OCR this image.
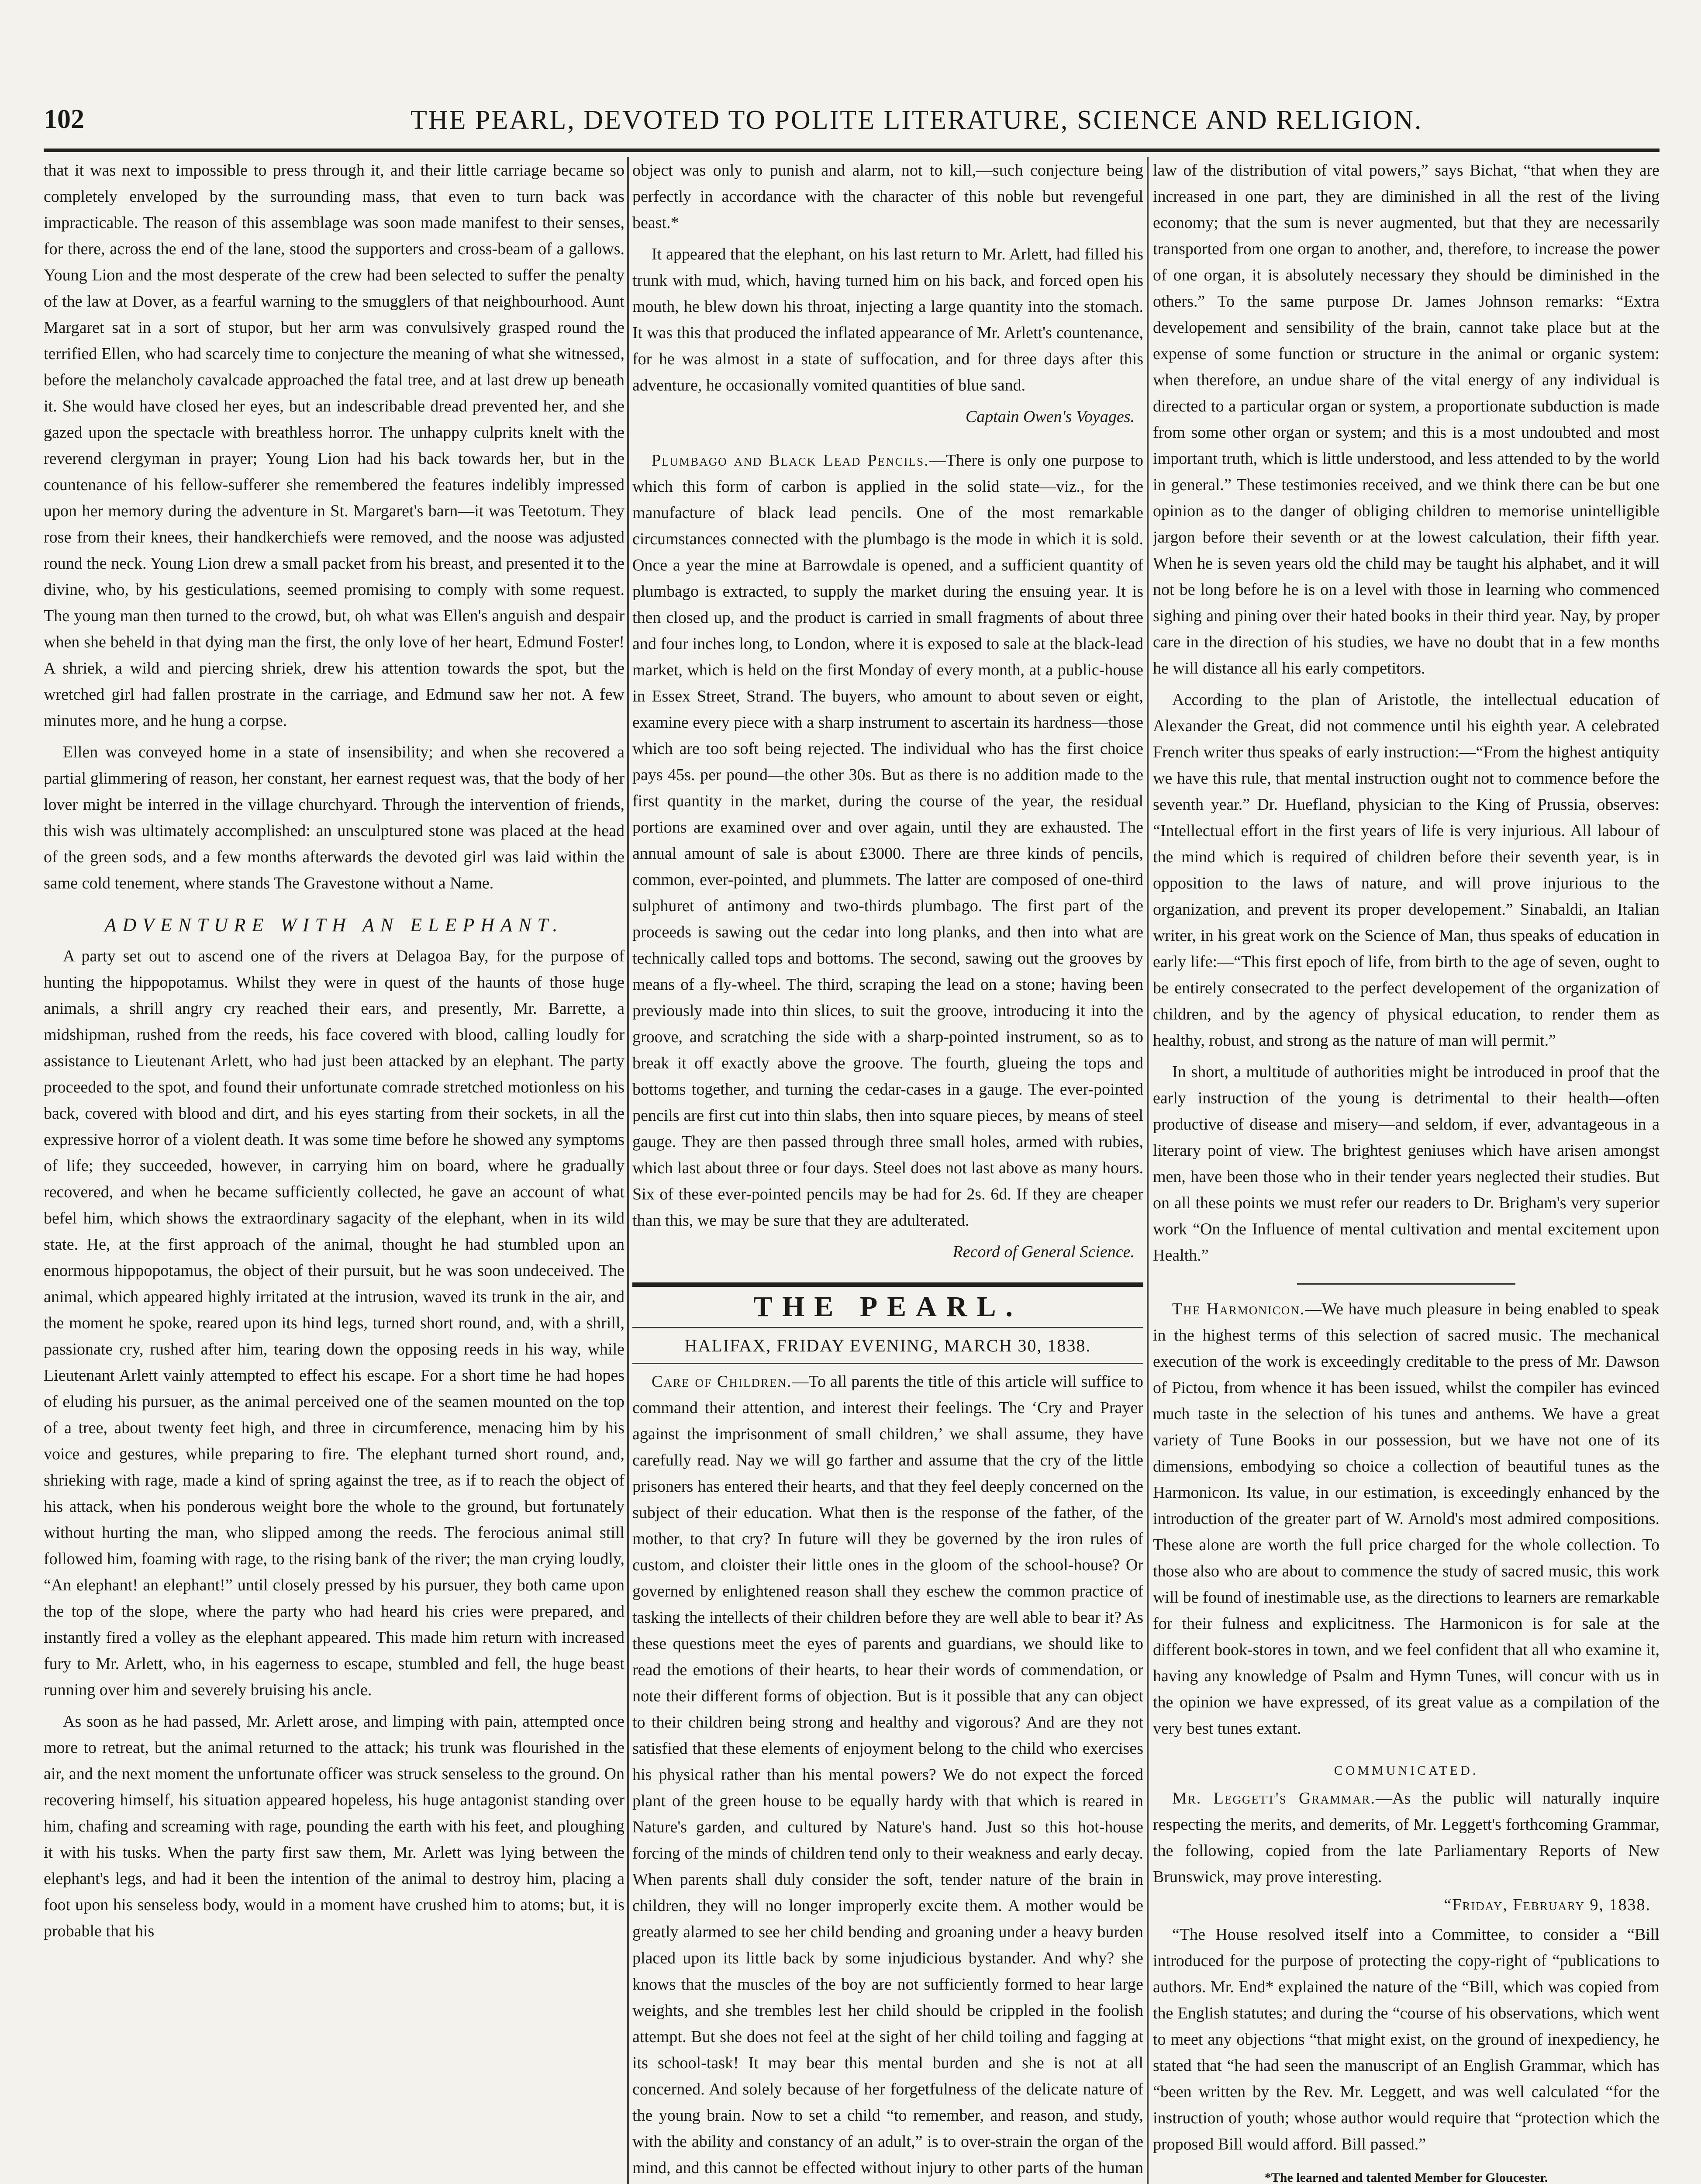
102	THE PEARL, DEVOTED TO POLITE LITERATURE, SCIENCE AND RELIGION.

that it was next to impossible to press through it, and their little carriage became so completely enveloped by the surrounding mass, that even to turn back was impracticable. The reason of this assemblage was soon made manifest to their senses, for there, across the end of the lane, stood the supporters and cross-beam of a gallows. Young Lion and the most desperate of the crew had been selected to suffer the penalty of the law at Dover, as a fearful warning to the smugglers of that neighbourhood. Aunt Margaret sat in a sort of stupor, but her arm was convulsively grasped round the terrified Ellen, who had scarcely time to conjecture the meaning of what she witnessed, before the melancholy cavalcade approached the fatal tree, and at last drew up beneath it. She would have closed her eyes, but an indescribable dread prevented her, and she gazed upon the spectacle with breathless horror. The unhappy culprits knelt with the reverend clergyman in prayer; Young Lion had his back towards her, but in the countenance of his fellow-sufferer she remembered the features indelibly impressed upon her memory during the adventure in St. Margaret's barn—it was Teetotum. They rose from their knees, their handkerchiefs were removed, and the noose was adjusted round the neck. Young Lion drew a small packet from his breast, and presented it to the divine, who, by his gesticulations, seemed promising to comply with some request. The young man then turned to the crowd, but, oh what was Ellen's anguish and despair when she beheld in that dying man the first, the only love of her heart, Edmund Foster! A shriek, a wild and piercing shriek, drew his attention towards the spot, but the wretched girl had fallen prostrate in the carriage, and Edmund saw her not. A few minutes more, and he hung a corpse.

Ellen was conveyed home in a state of insensibility; and when she recovered a partial glimmering of reason, her constant, her earnest request was, that the body of her lover might be interred in the village churchyard. Through the intervention of friends, this wish was ultimately accomplished: an unsculptured stone was placed at the head of the green sods, and a few months afterwards the devoted girl was laid within the same cold tenement, where stands The Gravestone without a Name.

ADVENTURE WITH AN ELEPHANT.

A party set out to ascend one of the rivers at Delagoa Bay, for the purpose of hunting the hippopotamus. Whilst they were in quest of the haunts of those huge animals, a shrill angry cry reached their ears, and presently, Mr. Barrette, a midshipman, rushed from the reeds, his face covered with blood, calling loudly for assistance to Lieutenant Arlett, who had just been attacked by an elephant. The party proceeded to the spot, and found their unfortunate comrade stretched motionless on his back, covered with blood and dirt, and his eyes starting from their sockets, in all the expressive horror of a violent death. It was some time before he showed any symptoms of life; they succeeded, however, in carrying him on board, where he gradually recovered, and when he became sufficiently collected, he gave an account of what befel him, which shows the extraordinary sagacity of the elephant, when in its wild state. He, at the first approach of the animal, thought he had stumbled upon an enormous hippopotamus, the object of their pursuit, but he was soon undeceived. The animal, which appeared highly irritated at the intrusion, waved its trunk in the air, and the moment he spoke, reared upon its hind legs, turned short round, and, with a shrill, passionate cry, rushed after him, tearing down the opposing reeds in his way, while Lieutenant Arlett vainly attempted to effect his escape. For a short time he had hopes of eluding his pursuer, as the animal perceived one of the seamen mounted on the top of a tree, about twenty feet high, and three in circumference, menacing him by his voice and gestures, while preparing to fire. The elephant turned short round, and, shrieking with rage, made a kind of spring against the tree, as if to reach the object of his attack, when his ponderous weight bore the whole to the ground, but fortunately without hurting the man, who slipped among the reeds. The ferocious animal still followed him, foaming with rage, to the rising bank of the river; the man crying loudly, “An elephant! an elephant!” until closely pressed by his pursuer, they both came upon the top of the slope, where the party who had heard his cries were prepared, and instantly fired a volley as the elephant appeared. This made him return with increased fury to Mr. Arlett, who, in his eagerness to escape, stumbled and fell, the huge beast running over him and severely bruising his ancle.

As soon as he had passed, Mr. Arlett arose, and limping with pain, attempted once more to retreat, but the animal returned to the attack; his trunk was flourished in the air, and the next moment the unfortunate officer was struck senseless to the ground. On recovering himself, his situation appeared hopeless, his huge antagonist standing over him, chafing and screaming with rage, pounding the earth with his feet, and ploughing it with his tusks. When the party first saw them, Mr. Arlett was lying between the elephant's legs, and had it been the intention of the animal to destroy him, placing a foot upon his senseless body, would in a moment have crushed him to atoms; but, it is probable that his

object was only to punish and alarm, not to kill,—such conjecture being perfectly in accordance with the character of this noble but revengeful beast.*

It appeared that the elephant, on his last return to Mr. Arlett, had filled his trunk with mud, which, having turned him on his back, and forced open his mouth, he blew down his throat, injecting a large quantity into the stomach. It was this that produced the inflated appearance of Mr. Arlett's countenance, for he was almost in a state of suffocation, and for three days after this adventure, he occasionally vomited quantities of blue sand.

Captain Owen's Voyages.

Plumbago and Black Lead Pencils.—There is only one purpose to which this form of carbon is applied in the solid state—viz., for the manufacture of black lead pencils. One of the most remarkable circumstances connected with the plumbago is the mode in which it is sold. Once a year the mine at Barrowdale is opened, and a sufficient quantity of plumbago is extracted, to supply the market during the ensuing year. It is then closed up, and the product is carried in small fragments of about three and four inches long, to London, where it is exposed to sale at the black-lead market, which is held on the first Monday of every month, at a public-house in Essex Street, Strand. The buyers, who amount to about seven or eight, examine every piece with a sharp instrument to ascertain its hardness—those which are too soft being rejected. The individual who has the first choice pays 45s. per pound—the other 30s. But as there is no addition made to the first quantity in the market, during the course of the year, the residual portions are examined over and over again, until they are exhausted. The annual amount of sale is about £3000. There are three kinds of pencils, common, ever-pointed, and plummets. The latter are composed of one-third sulphuret of antimony and two-thirds plumbago. The first part of the proceeds is sawing out the cedar into long planks, and then into what are technically called tops and bottoms. The second, sawing out the grooves by means of a fly-wheel. The third, scraping the lead on a stone; having been previously made into thin slices, to suit the groove, introducing it into the groove, and scratching the side with a sharp-pointed instrument, so as to break it off exactly above the groove. The fourth, glueing the tops and bottoms together, and turning the cedar-cases in a gauge. The ever-pointed pencils are first cut into thin slabs, then into square pieces, by means of steel gauge. They are then passed through three small holes, armed with rubies, which last about three or four days. Steel does not last above as many hours. Six of these ever-pointed pencils may be had for 2s. 6d. If they are cheaper than this, we may be sure that they are adulterated.

Record of General Science.

THE PEARL.
HALIFAX, FRIDAY EVENING, MARCH 30, 1838.

Care of Children.—To all parents the title of this article will suffice to command their attention, and interest their feelings. The ‘Cry and Prayer against the imprisonment of small children,’ we shall assume, they have carefully read. Nay we will go farther and assume that the cry of the little prisoners has entered their hearts, and that they feel deeply concerned on the subject of their education. What then is the response of the father, of the mother, to that cry? In future will they be governed by the iron rules of custom, and cloister their little ones in the gloom of the school-house? Or governed by enlightened reason shall they eschew the common practice of tasking the intellects of their children before they are well able to bear it? As these questions meet the eyes of parents and guardians, we should like to read the emotions of their hearts, to hear their words of commendation, or note their different forms of objection. But is it possible that any can object to their children being strong and healthy and vigorous? And are they not satisfied that these elements of enjoyment belong to the child who exercises his physical rather than his mental powers? We do not expect the forced plant of the green house to be equally hardy with that which is reared in Nature's garden, and cultured by Nature's hand. Just so this hot-house forcing of the minds of children tend only to their weakness and early decay. When parents shall duly consider the soft, tender nature of the brain in children, they will no longer improperly excite them. A mother would be greatly alarmed to see her child bending and groaning under a heavy burden placed upon its little back by some injudicious bystander. And why? she knows that the muscles of the boy are not sufficiently formed to hear large weights, and she trembles lest her child should be crippled in the foolish attempt. But she does not feel at the sight of her child toiling and fagging at its school-task! It may bear this mental burden and she is not at all concerned. And solely because of her forgetfulness of the delicate nature of the young brain. Now to set a child “to remember, and reason, and study, with the ability and constancy of an adult,” is to over-strain the organ of the mind, and this cannot be effected without injury to other parts of the human

law of the distribution of vital powers,” says Bichat, “that when they are increased in one part, they are diminished in all the rest of the living economy; that the sum is never augmented, but that they are necessarily transported from one organ to another, and, therefore, to increase the power of one organ, it is absolutely necessary they should be diminished in the others.” To the same purpose Dr. James Johnson remarks: “Extra developement and sensibility of the brain, cannot take place but at the expense of some function or structure in the animal or organic system: when therefore, an undue share of the vital energy of any individual is directed to a particular organ or system, a proportionate subduction is made from some other organ or system; and this is a most undoubted and most important truth, which is little understood, and less attended to by the world in general.” These testimonies received, and we think there can be but one opinion as to the danger of obliging children to memorise unintelligible jargon before their seventh or at the lowest calculation, their fifth year. When he is seven years old the child may be taught his alphabet, and it will not be long before he is on a level with those in learning who commenced sighing and pining over their hated books in their third year. Nay, by proper care in the direction of his studies, we have no doubt that in a few months he will distance all his early competitors.

According to the plan of Aristotle, the intellectual education of Alexander the Great, did not commence until his eighth year. A celebrated French writer thus speaks of early instruction:—“From the highest antiquity we have this rule, that mental instruction ought not to commence before the seventh year.” Dr. Huefland, physician to the King of Prussia, observes: “Intellectual effort in the first years of life is very injurious. All labour of the mind which is required of children before their seventh year, is in opposition to the laws of nature, and will prove injurious to the organization, and prevent its proper developement.” Sinabaldi, an Italian writer, in his great work on the Science of Man, thus speaks of education in early life:—“This first epoch of life, from birth to the age of seven, ought to be entirely consecrated to the perfect developement of the organization of children, and by the agency of physical education, to render them as healthy, robust, and strong as the nature of man will permit.”

In short, a multitude of authorities might be introduced in proof that the early instruction of the young is detrimental to their health—often productive of disease and misery—and seldom, if ever, advantageous in a literary point of view. The brightest geniuses which have arisen amongst men, have been those who in their tender years neglected their studies. But on all these points we must refer our readers to Dr. Brigham's very superior work “On the Influence of mental cultivation and mental excitement upon Health.”

The Harmonicon.—We have much pleasure in being enabled to speak in the highest terms of this selection of sacred music. The mechanical execution of the work is exceedingly creditable to the press of Mr. Dawson of Pictou, from whence it has been issued, whilst the compiler has evinced much taste in the selection of his tunes and anthems. We have a great variety of Tune Books in our possession, but we have not one of its dimensions, embodying so choice a collection of beautiful tunes as the Harmonicon. Its value, in our estimation, is exceedingly enhanced by the introduction of the greater part of W. Arnold's most admired compositions. These alone are worth the full price charged for the whole collection. To those also who are about to commence the study of sacred music, this work will be found of inestimable use, as the directions to learners are remarkable for their fulness and explicitness. The Harmonicon is for sale at the different book-stores in town, and we feel confident that all who examine it, having any knowledge of Psalm and Hymn Tunes, will concur with us in the opinion we have expressed, of its great value as a compilation of the very best tunes extant.

COMMUNICATED.

Mr. Leggett's Grammar.—As the public will naturally inquire respecting the merits, and demerits, of Mr. Leggett's forthcoming Grammar, the following, copied from the late Parliamentary Reports of New Brunswick, may prove interesting.

“Friday, February 9, 1838.

“The House resolved itself into a Committee, to consider a “Bill introduced for the purpose of protecting the copy-right of “publications to authors. Mr. End* explained the nature of the “Bill, which was copied from the English statutes; and during the “course of his observations, which went to meet any objections “that might exist, on the ground of inexpediency, he stated that “he had seen the manuscript of an English Grammar, which has “been written by the Rev. Mr. Leggett, and was well calculated “for the instruction of youth; whose author would require that “protection which the proposed Bill would afford. Bill passed.”

*The learned and talented Member for Gloucester.
